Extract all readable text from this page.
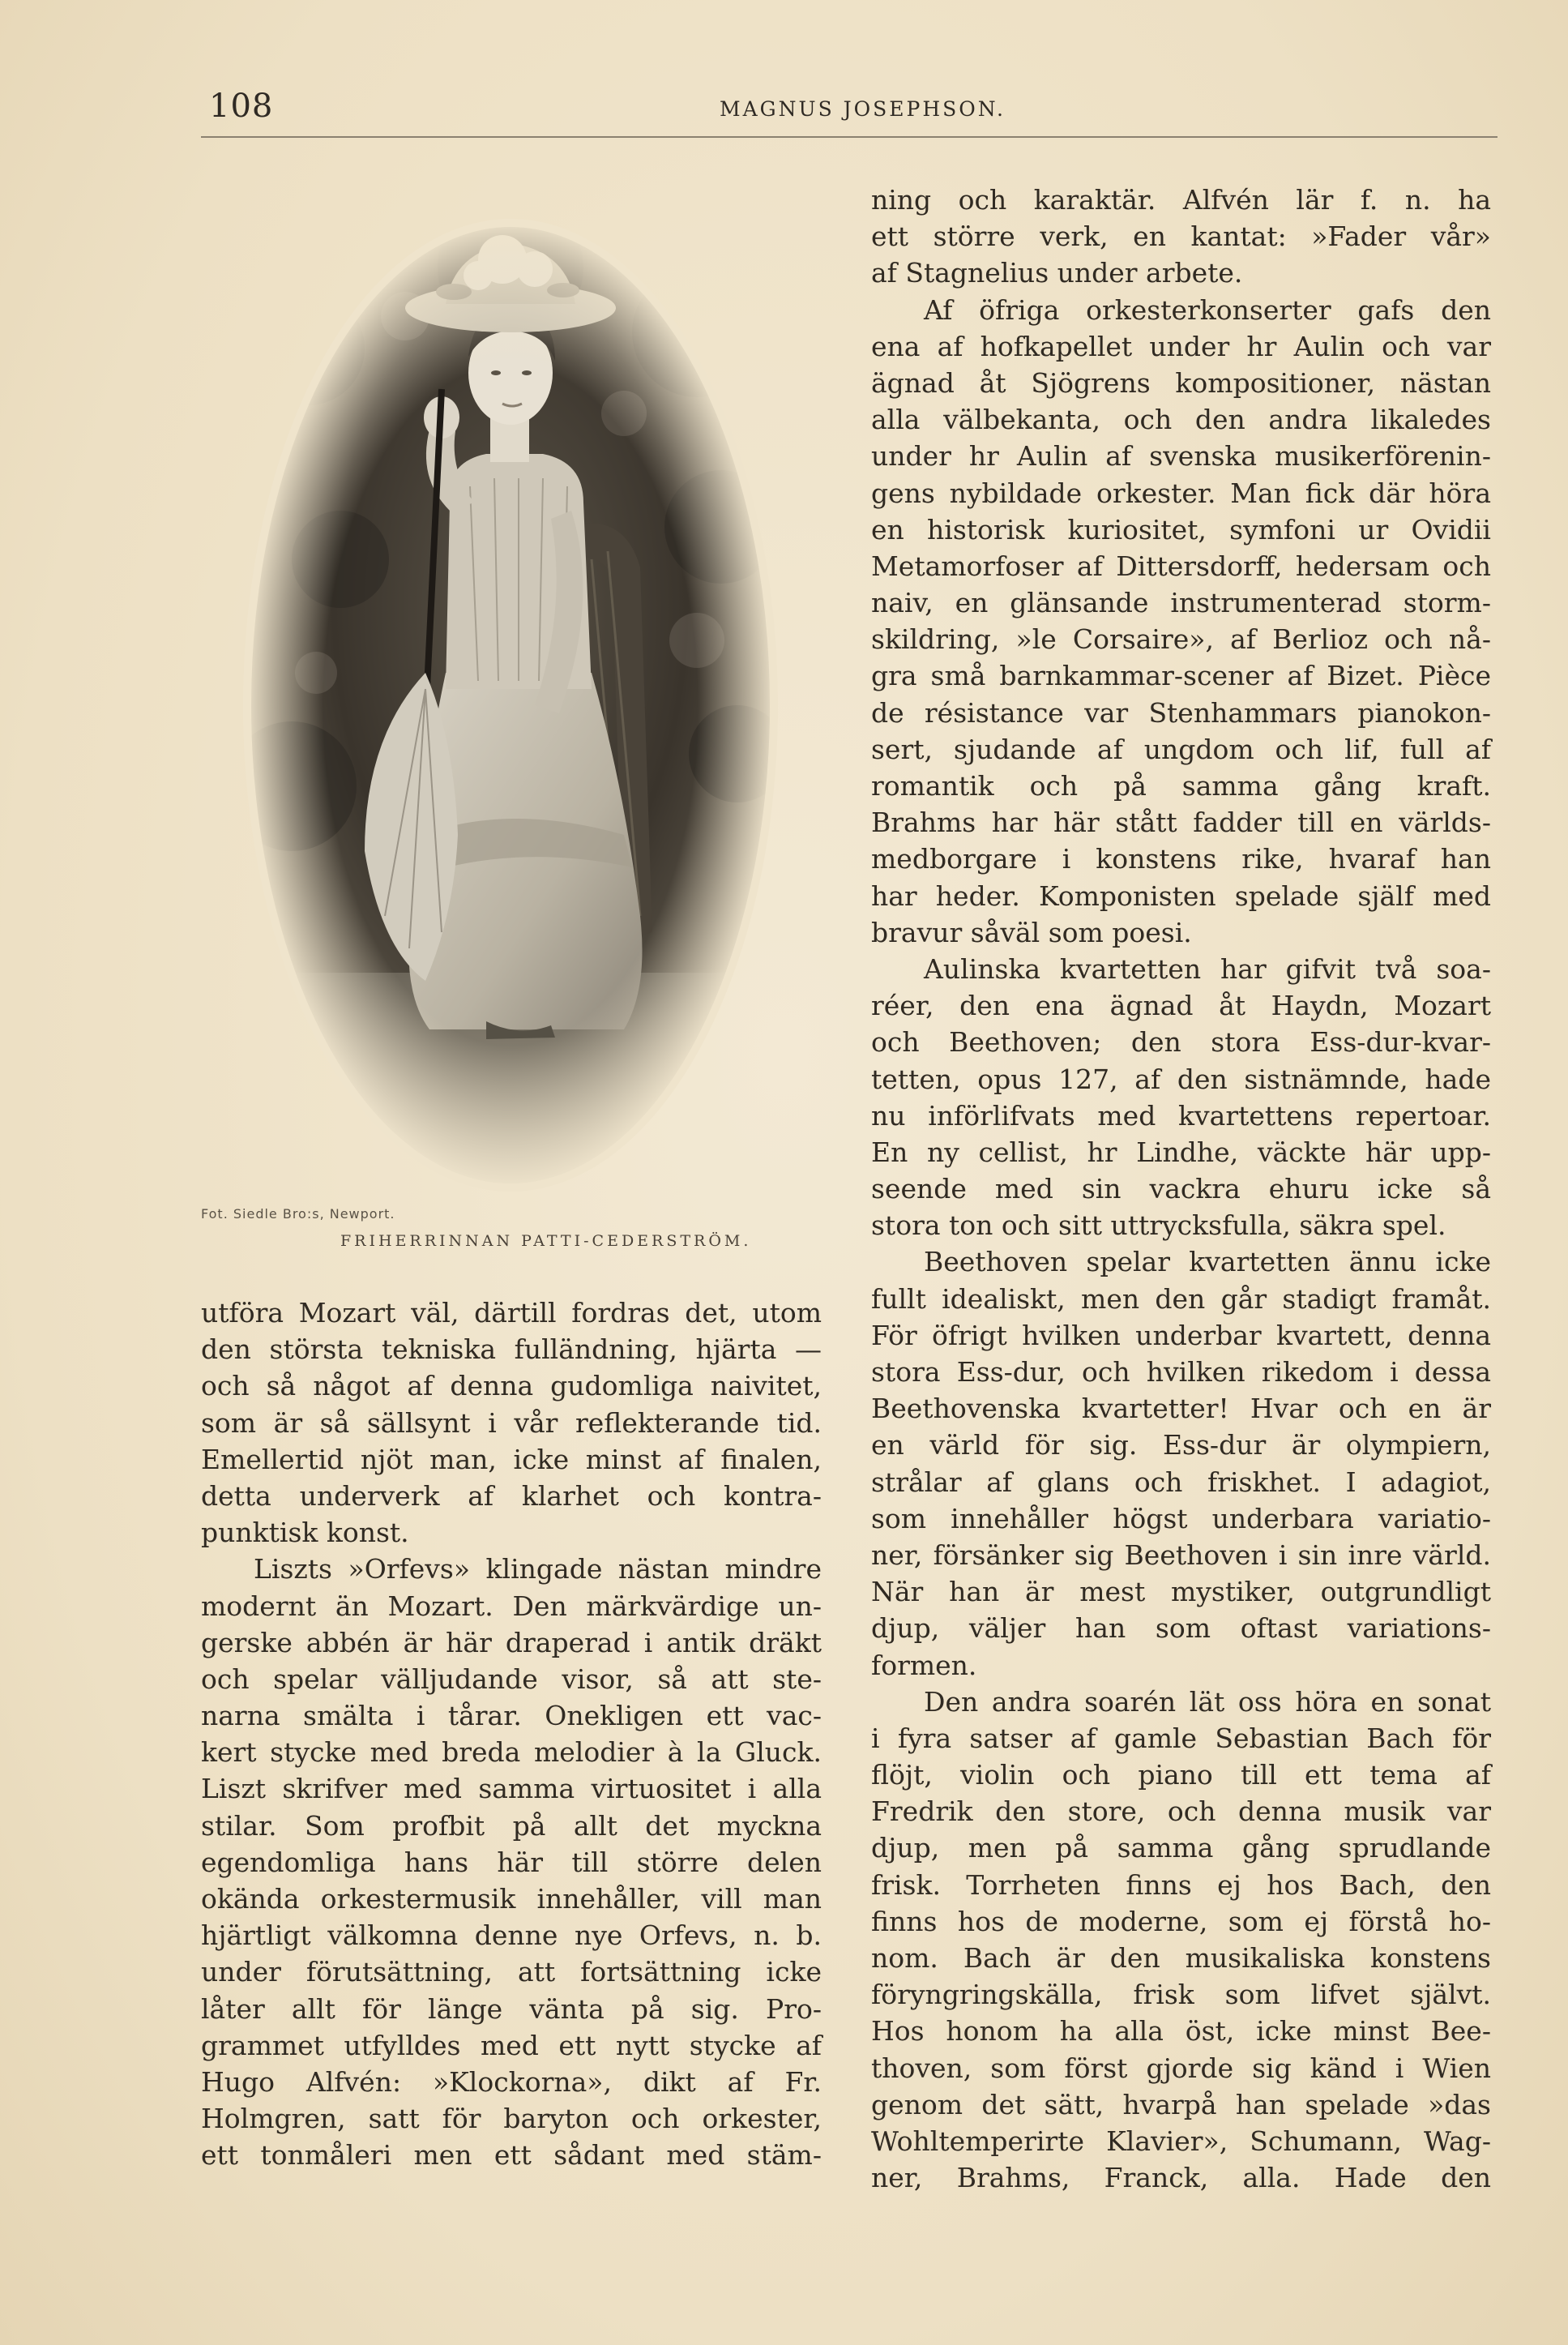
108	MAGNUS JOSEPHSON.
Fot. Siedle Bro:s, Newport.
FRIHERRINNAN PATTI-CEDERSTRÖM.
utföra Mozart väl, därtill fordras det, utom
den största tekniska fulländning, hjärta —
och så något af denna gudomliga naivitet,
som är så sällsynt i vår reflekterande tid.
Emellertid njöt man, icke minst af finalen,
detta underverk af klarhet och kontra-
punktisk konst.
Liszts »Orfevs» klingade nästan mindre
modernt än Mozart. Den märkvärdige un-
gerske abbén är här draperad i antik dräkt
och spelar välljudande visor, så att ste-
narna smälta i tårar. Onekligen ett vac-
kert stycke med breda melodier à la Gluck.
Liszt skrifver med samma virtuositet i alla
stilar. Som profbit på allt det myckna
egendomliga hans här till större delen
okända orkestermusik innehåller, vill man
hjärtligt välkomna denne nye Orfevs, n. b.
under förutsättning, att fortsättning icke
låter allt för länge vänta på sig. Pro-
grammet utfylldes med ett nytt stycke af
Hugo Alfvén: »Klockorna», dikt af Fr.
Holmgren, satt för baryton och orkester,
ett tonmåleri men ett sådant med stäm-
ning och karaktär. Alfvén lär f. n. ha
ett större verk, en kantat: »Fader vår»
af Stagnelius under arbete.
Af öfriga orkesterkonserter gafs den
ena af hofkapellet under hr Aulin och var
ägnad åt Sjögrens kompositioner, nästan
alla välbekanta, och den andra likaledes
under hr Aulin af svenska musikerförenin-
gens nybildade orkester. Man fick där höra
en historisk kuriositet, symfoni ur Ovidii
Metamorfoser af Dittersdorff, hedersam och
naiv, en glänsande instrumenterad storm-
skildring, »le Corsaire», af Berlioz och nå-
gra små barnkammar-scener af Bizet. Pièce
de résistance var Stenhammars pianokon-
sert, sjudande af ungdom och lif, full af
romantik och på samma gång kraft.
Brahms har här stått fadder till en världs-
medborgare i konstens rike, hvaraf han
har heder. Komponisten spelade själf med
bravur såväl som poesi.
Aulinska kvartetten har gifvit två soa-
réer, den ena ägnad åt Haydn, Mozart
och Beethoven; den stora Ess-dur-kvar-
tetten, opus 127, af den sistnämnde, hade
nu införlifvats med kvartettens repertoar.
En ny cellist, hr Lindhe, väckte här upp-
seende med sin vackra ehuru icke så
stora ton och sitt uttrycksfulla, säkra spel.
Beethoven spelar kvartetten ännu icke
fullt idealiskt, men den går stadigt framåt.
För öfrigt hvilken underbar kvartett, denna
stora Ess-dur, och hvilken rikedom i dessa
Beethovenska kvartetter! Hvar och en är
en värld för sig. Ess-dur är olympiern,
strålar af glans och friskhet. I adagiot,
som innehåller högst underbara variatio-
ner, försänker sig Beethoven i sin inre värld.
När han är mest mystiker, outgrundligt
djup, väljer han som oftast variations-
formen.
Den andra soarén lät oss höra en sonat
i fyra satser af gamle Sebastian Bach för
flöjt, violin och piano till ett tema af
Fredrik den store, och denna musik var
djup, men på samma gång sprudlande
frisk. Torrheten finns ej hos Bach, den
finns hos de moderne, som ej förstå ho-
nom. Bach är den musikaliska konstens
föryngringskälla, frisk som lifvet självt.
Hos honom ha alla öst, icke minst Bee-
thoven, som först gjorde sig känd i Wien
genom det sätt, hvarpå han spelade »das
Wohltemperirte Klavier», Schumann, Wag-
ner, Brahms, Franck, alla. Hade den
